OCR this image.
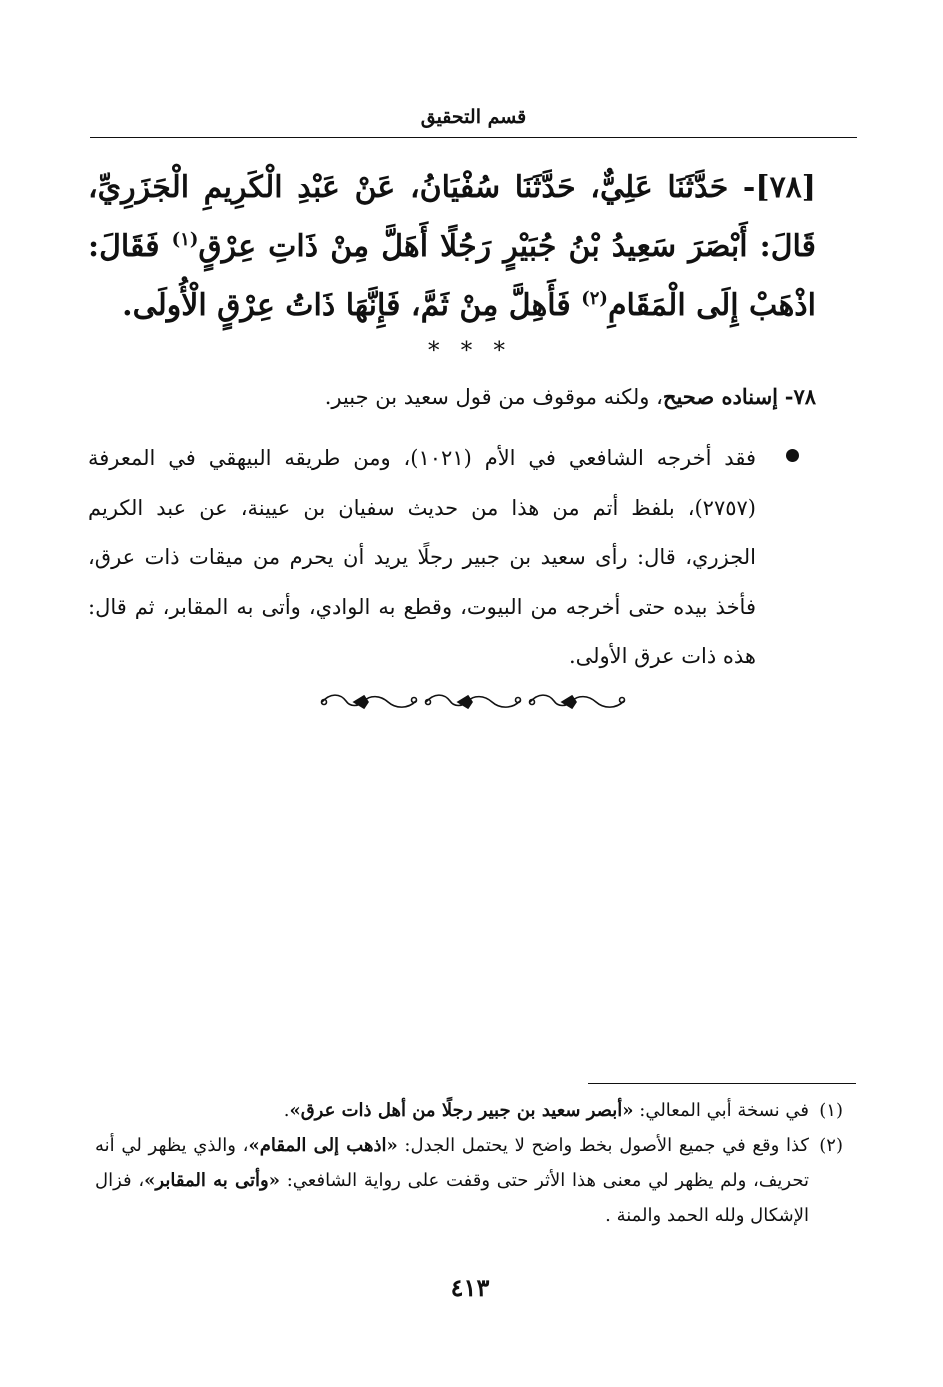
قسم التحقيق
[٧٨]- حَدَّثَنَا عَلِيٌّ، حَدَّثَنَا سُفْيَانُ، عَنْ عَبْدِ الْكَرِيمِ الْجَزَرِيِّ، قَالَ: أَبْصَرَ سَعِيدُ بْنُ جُبَيْرٍ رَجُلًا أَهَلَّ مِنْ ذَاتِ عِرْقٍ$^{(١)}$ فَقَالَ: اذْهَبْ إِلَى الْمَقَامِ$^{(٢)}$ فَأَهِلَّ مِنْ ثَمَّ، فَإِنَّهَا ذَاتُ عِرْقٍ الْأُولَى.
* * *
٧٨- إسناده صحيح، ولكنه موقوف من قول سعيد بن جبير.
فقد أخرجه الشافعي في الأم (١٠٢١)، ومن طريقه البيهقي في المعرفة (٢٧٥٧)، بلفظ أتم من هذا من حديث سفيان بن عيينة، عن عبد الكريم الجزري، قال: رأى سعيد بن جبير رجلًا يريد أن يحرم من ميقات ذات عرق، فأخذ بيده حتى أخرجه من البيوت، وقطع به الوادي، وأتى به المقابر، ثم قال: هذه ذات عرق الأولى.
(١)
في نسخة أبي المعالي: «أبصر سعيد بن جبير رجلًا من أهل ذات عرق».
(٢)
كذا وقع في جميع الأصول بخط واضح لا يحتمل الجدل: «اذهب إلى المقام»، والذي يظهر لي أنه تحريف، ولم يظهر لي معنى هذا الأثر حتى وقفت على رواية الشافعي: «وأتى به المقابر»، فزال الإشكال ولله الحمد والمنة .
٤١٣
